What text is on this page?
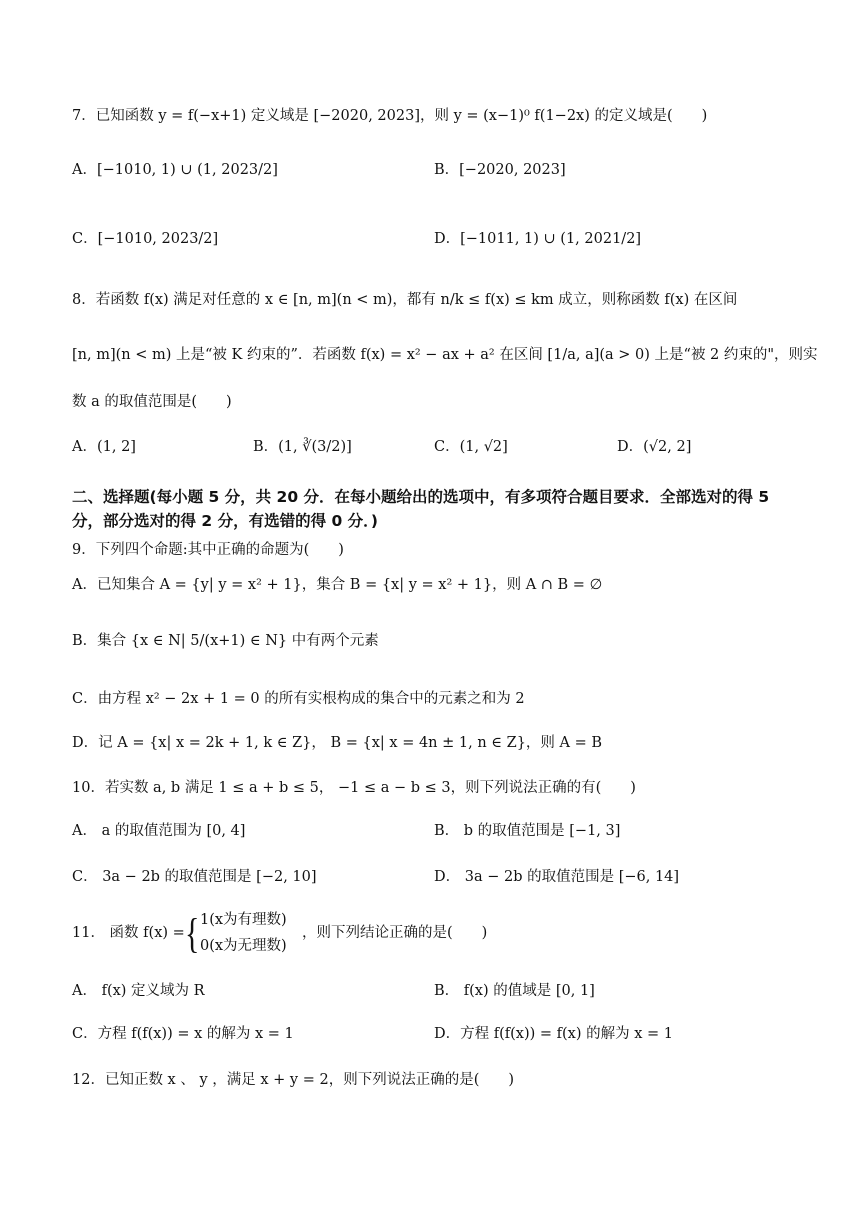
7．已知函数 y = f(−x+1) 定义域是 [−2020, 2023]，则 y = (x−1)⁰ f(1−2x) 的定义域是(　　)
A．[−1010, 1) ∪ (1, 2023/2]	B．[−2020, 2023]
C．[−1010, 2023/2]	D．[−1011, 1) ∪ (1, 2021/2]
8．若函数 f(x) 满足对任意的 x ∈ [n, m](n < m)，都有 n/k ≤ f(x) ≤ km 成立，则称函数 f(x) 在区间
[n, m](n < m) 上是“被 K 约束的”．若函数 f(x) = x² − ax + a² 在区间 [1/a, a](a > 0) 上是“被 2 约束的"，则实
数 a 的取值范围是(　　)
A．(1, 2]	B．(1, ∛(3/2)]	C．(1, √2]	D．(√2, 2]
二、选择题(每小题 5 分，共 20 分．在每小题给出的选项中，有多项符合题目要求．全部选对的得 5 分，部分选对的得 2 分，有选错的得 0 分．)
9．下列四个命题:其中正确的命题为(　　)
A．已知集合 A = {y| y = x² + 1}，集合 B = {x| y = x² + 1}，则 A ∩ B = ∅
B．集合 {x ∈ N| 5/(x+1) ∈ N} 中有两个元素
C．由方程 x² − 2x + 1 = 0 的所有实根构成的集合中的元素之和为 2
D．记 A = {x| x = 2k + 1, k ∈ Z}， B = {x| x = 4n ± 1, n ∈ Z}，则 A = B
10．若实数 a, b 满足 1 ≤ a + b ≤ 5， −1 ≤ a − b ≤ 3，则下列说法正确的有(　　)
A． a 的取值范围为 [0, 4]	B． b 的取值范围是 [−1, 3]
C． 3a − 2b 的取值范围是 [−2, 10]	D． 3a − 2b 的取值范围是 [−6, 14]
11． 函数 f(x) = { 1(x为有理数)
0(x为无理数)
，则下列结论正确的是(　　)
A． f(x) 定义域为 R	B． f(x) 的值域是 [0, 1]
C．方程 f(f(x)) = x 的解为 x = 1	D．方程 f(f(x)) = f(x) 的解为 x = 1
12．已知正数 x 、 y ，满足 x + y = 2，则下列说法正确的是(　　)
